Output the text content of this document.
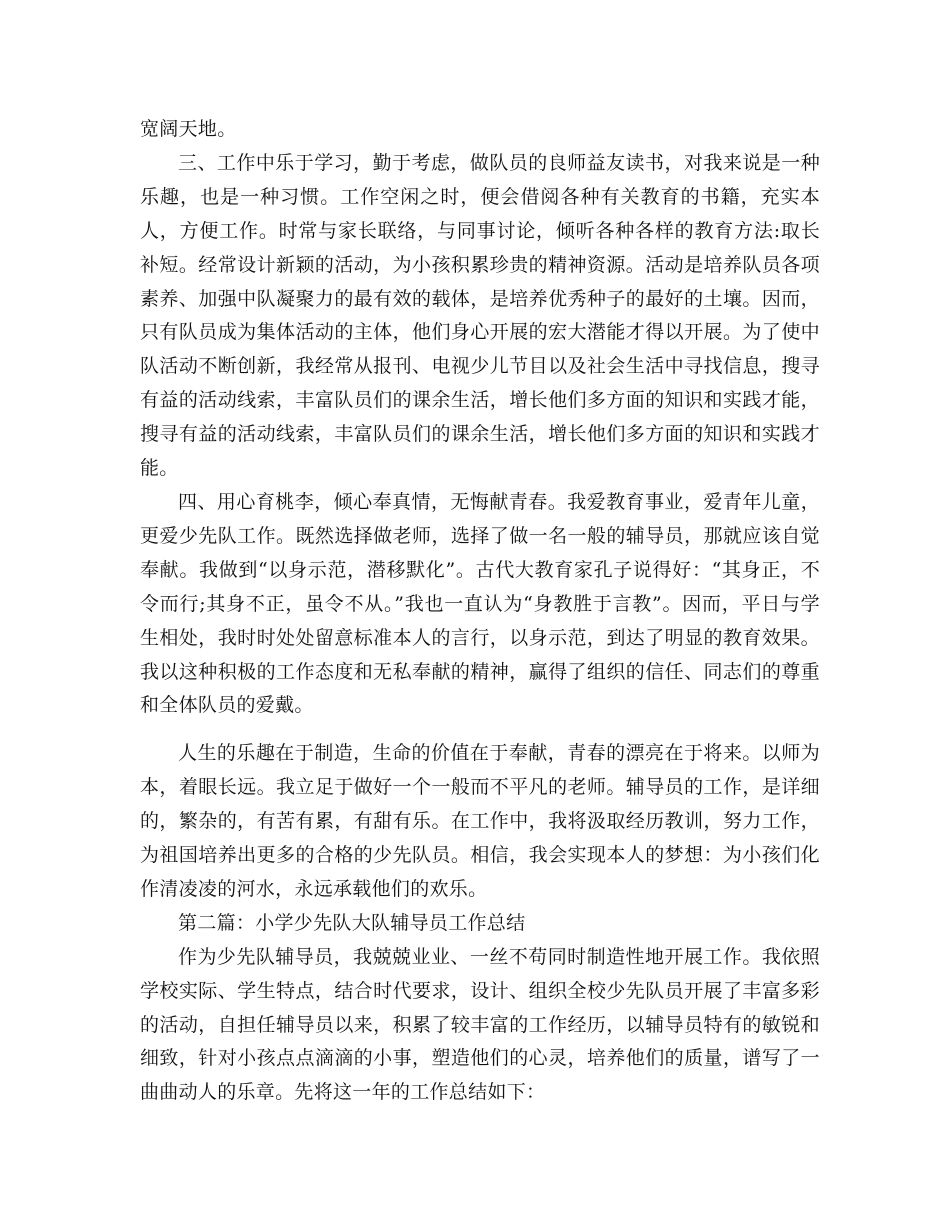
宽阔天地。

三、工作中乐于学习，勤于考虑，做队员的良师益友读书，对我来说是一种乐趣，也是一种习惯。工作空闲之时，便会借阅各种有关教育的书籍，充实本人，方便工作。时常与家长联络，与同事讨论，倾听各种各样的教育方法:取长补短。经常设计新颖的活动，为小孩积累珍贵的精神资源。活动是培养队员各项素养、加强中队凝聚力的最有效的载体，是培养优秀种子的最好的土壤。因而，只有队员成为集体活动的主体，他们身心开展的宏大潜能才得以开展。为了使中队活动不断创新，我经常从报刊、电视少儿节目以及社会生活中寻找信息，搜寻有益的活动线索，丰富队员们的课余生活，增长他们多方面的知识和实践才能，搜寻有益的活动线索，丰富队员们的课余生活，增长他们多方面的知识和实践才能。

四、用心育桃李，倾心奉真情，无悔献青春。我爱教育事业，爱青年儿童，更爱少先队工作。既然选择做老师，选择了做一名一般的辅导员，那就应该自觉奉献。我做到“以身示范，潜移默化”。古代大教育家孔子说得好：“其身正，不令而行;其身不正，虽令不从。”我也一直认为“身教胜于言教”。因而，平日与学生相处，我时时处处留意标准本人的言行，以身示范，到达了明显的教育效果。我以这种积极的工作态度和无私奉献的精神，赢得了组织的信任、同志们的尊重和全体队员的爱戴。

人生的乐趣在于制造，生命的价值在于奉献，青春的漂亮在于将来。以师为本，着眼长远。我立足于做好一个一般而不平凡的老师。辅导员的工作，是详细的，繁杂的，有苦有累，有甜有乐。在工作中，我将汲取经历教训，努力工作，为祖国培养出更多的合格的少先队员。相信，我会实现本人的梦想：为小孩们化作清凌凌的河水，永远承载他们的欢乐。

第二篇：小学少先队大队辅导员工作总结

作为少先队辅导员，我兢兢业业、一丝不苟同时制造性地开展工作。我依照学校实际、学生特点，结合时代要求，设计、组织全校少先队员开展了丰富多彩的活动，自担任辅导员以来，积累了较丰富的工作经历，以辅导员特有的敏锐和细致，针对小孩点点滴滴的小事，塑造他们的心灵，培养他们的质量，谱写了一曲曲动人的乐章。先将这一年的工作总结如下：
